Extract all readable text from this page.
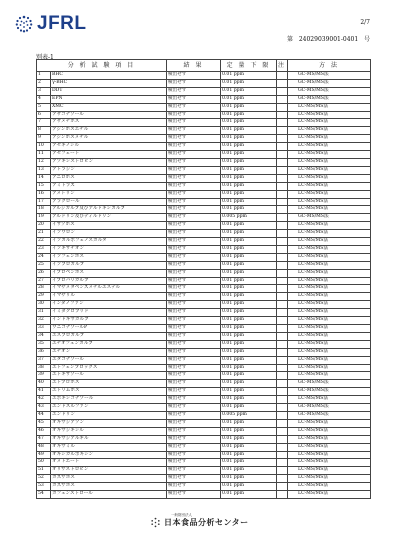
JFRL	2/7
第 24029039001-0401 号
別表-1
分 析 試 験 項 目		結 果	定 量 下 限	注	方 法
1	BHC	検出せず	0.01 ppm		GC-MS/MS法
2	γ-BHC	検出せず	0.01 ppm		GC-MS/MS法
3	DDT	検出せず	0.01 ppm		GC-MS/MS法
4	EPN	検出せず	0.01 ppm		GC-MS/MS法
5	XMC	検出せず	0.01 ppm		LC-MS/MS法
6	アザコナゾール	検出せず	0.01 ppm		LC-MS/MS法
7	アザメチホス	検出せず	0.01 ppm		LC-MS/MS法
8	アジンホスエチル	検出せず	0.01 ppm		LC-MS/MS法
9	アジンホスメチル	検出せず	0.01 ppm		LC-MS/MS法
10	アセキノシル	検出せず	0.01 ppm		LC-MS/MS法
11	アセフェート	検出せず	0.01 ppm		LC-MS/MS法
12	アゾキシストロビン	検出せず	0.01 ppm		LC-MS/MS法
13	アトラジン	検出せず	0.01 ppm		LC-MS/MS法
14	アニロホス	検出せず	0.01 ppm		LC-MS/MS法
15	アミトラズ	検出せず	0.01 ppm		LC-MS/MS法
16	アメトリン	検出せず	0.01 ppm		LC-MS/MS法
17	アラクロール	検出せず	0.01 ppm		LC-MS/MS法
18	アルジカルブ及びアルドキシカルブ	検出せず	0.01 ppm		LC-MS/MS法
19	アルドリン及びディルドリン	検出せず	0.005 ppm		GC-MS/MS法
20	イサゾホス	検出せず	0.01 ppm		LC-MS/MS法
21	イソウロン	検出せず	0.01 ppm		LC-MS/MS法
22	イソカルボフェノスカルタ	検出せず	0.01 ppm		LC-MS/MS法
23	イソキサチオン	検出せず	0.01 ppm		LC-MS/MS法
24	イソフェンホス	検出せず	0.01 ppm		LC-MS/MS法
25	イソプロカルブ	検出せず	0.01 ppm		LC-MS/MS法
26	イプロベンホス	検出せず	0.01 ppm		LC-MS/MS法
27	イプロバリカルブ	検出せず	0.01 ppm		LC-MS/MS法
28	イマザメタベンズメチルエステル	検出せず	0.01 ppm		LC-MS/MS法
29	イマザリル	検出せず	0.01 ppm		LC-MS/MS法
30	インダノファン	検出せず	0.01 ppm		LC-MS/MS法
31	イミダクロプリド	検出せず	0.01 ppm		LC-MS/MS法
32	インドキサカルブ	検出せず	0.01 ppm		LC-MS/MS法
33	ウニコナゾールP	検出せず	0.01 ppm		LC-MS/MS法
34	エスプロカルブ	検出せず	0.01 ppm		LC-MS/MS法
35	エチオフェンカルブ	検出せず	0.01 ppm		LC-MS/MS法
36	エチオン	検出せず	0.01 ppm		LC-MS/MS法
37	エタコナゾール	検出せず	0.01 ppm		LC-MS/MS法
38	エトフェンプロックス	検出せず	0.01 ppm		LC-MS/MS法
39	エトキサゾール	検出せず	0.01 ppm		LC-MS/MS法
40	エトプロホス	検出せず	0.01 ppm		GC-MS/MS法
41	エトリムホス	検出せず	0.01 ppm		GC-MS/MS法
42	エポキシコナゾール	検出せず	0.01 ppm		LC-MS/MS法
43	エンドスルファン	検出せず	0.01 ppm		GC-MS/MS法
44	エンドリン	検出せず	0.005 ppm		GC-MS/MS法
45	オキサジアゾン	検出せず	0.01 ppm		LC-MS/MS法
46	オキサジキシル	検出せず	0.01 ppm		LC-MS/MS法
47	オキサジアルギル	検出せず	0.01 ppm		LC-MS/MS法
48	オキサミル	検出せず	0.01 ppm		LC-MS/MS法
49	オキシカルボキシン	検出せず	0.01 ppm		LC-MS/MS法
50	オメトエート	検出せず	0.01 ppm		LC-MS/MS法
51	オリサストロビン	検出せず	0.01 ppm		LC-MS/MS法
52	カズサホス	検出せず	0.01 ppm		LC-MS/MS法
53	カズサホス	検出せず	0.01 ppm		LC-MS/MS法
54	カフェンストロール	検出せず	0.01 ppm		LC-MS/MS法
一般財団法人
日本食品分析センター
